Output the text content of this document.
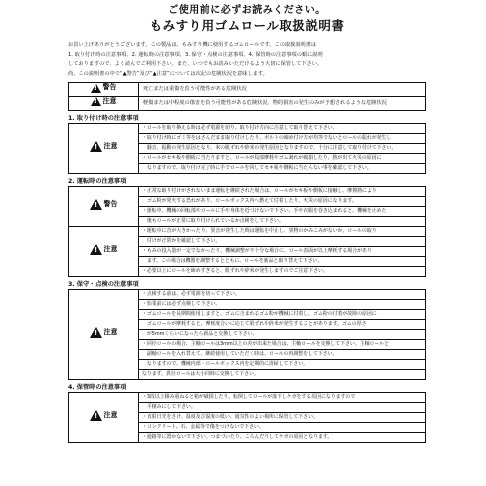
ご使用前に必ずお読みください。
もみすり用ゴムロール取扱説明書
お買い上げありがとうございます。この製品は、もみすり機に使用するゴムロールです。この取扱説明書は
1. 取り付け時の注意事項、2. 運転時の注意事項、3. 保守・点検の注意事項、4. 保管時の注意事項の順に説明
しておりますので、よく読んでご利用下さい。また、いつでもお読みいただけるよう大切に保管して下さい。
尚、この説明書の中で“▲警告”及び“▲注意”については次記の危険状況を意味します。
!
警告	死亡または重傷を負う可能性がある危険状況

!
注意	軽傷または中程度の傷害を負う可能性がある危険状況、物的損害の発生のみが予想されるような危険状況
1. 取り付け時の注意事項
!
注意
	・ロールを取り換える時は必ず電源を切り、取り付け方向に注意して取り替えて下さい。
・取り付け時にゴミ等をはさんだまま取り付けしたり、ボルトの締め付け方が均等でないとロールの振れが発生し
　騒音、振動の発生原因となり、米の肌ずれや砕米の発生原因となりますので、十分に注意して取り付けて下さい。
・ロールがセキ板や側板に当たりますと、ロールが局部摩耗やゴム剥れが破損したり、熱が出て火災の原因に
　なりますので、取り付け完了時に手でロールを回してセキ板や側板に当たらない事を確認して下さい。
2. 運転時の注意事項
!
警告	・正常な取り付けがされないまま運転を継続された場合は、ロールがセキ板や側板に接触し、摩擦熱により
	　ゴム粉が発火する恐れがあり、ロールボックス内へ燃えて付着したり、火災の原因になります。
	・運転中、機械の回転部やロールに手や身体を近づけないで下さい。手や衣服を巻き込まれると、機械を止めた
	　後もロールが正常に取り付けられているか点検をして下さい。

!
注意	・運転中に音が大きかったり、異音が発生した時は運転を中止し、異物のかみこみがないか、ロールの取り
	　付けが正常かを確認して下さい。
	・もみの投入量が一定でなかったり、機械調整が不十分な場合に、ロール表面が以上摩耗する場合があり
	　ます。この場合は機器を調整するとともに、ロールを新品と取り替えて下さい。
	・必要以上にロールを締めすぎると、肌ずれや砕米が発生しますのでご注意下さい。
3. 保守・点検の注意事項
!
注意
	・点検する前は、必ず電源を切って下さい。
・始業前には必ず点検して下さい。
・ゴムロールを長期間使用しますと、ゴムに含まれるゴム粉が機械に付着し、ゴム粉の付着が故障の原因に
　ゴムロールが摩耗すると、摩耗度合いに応じて肌ずれや砕米が発生することがあります。ゴムの厚さ
　が5mmくらいになったら新品と交換して下さい。
・同径ロールの場合、主軸ロールは3mm以上の差が出来た場合は、主軸ロールを交換して下さい。主軸ロールと
　副軸ロールを入れ替えて、継続使用していただく時は、ロールの再調整をして下さい。
　なりますので、機械内部・ロールボックス内を定期的に清掃して下さい。
なります。異径ロールは大小同時に交換して下さい。
4. 保管時の注意事項
!
注意
	・3段以上積み重ねると箱が破損したり、転倒してロールが落下しケガをする原因になりますので
　平積みにして下さい。
・直射日光をさけ、温度及び湿度の低い、通気性のよい場所に保管して下さい。
・コンクリート、石、金属等で傷をつけないで下さい。
・通路等に置かないで下さい。つまづいたり、ころんだりしてケガの原因となります。
